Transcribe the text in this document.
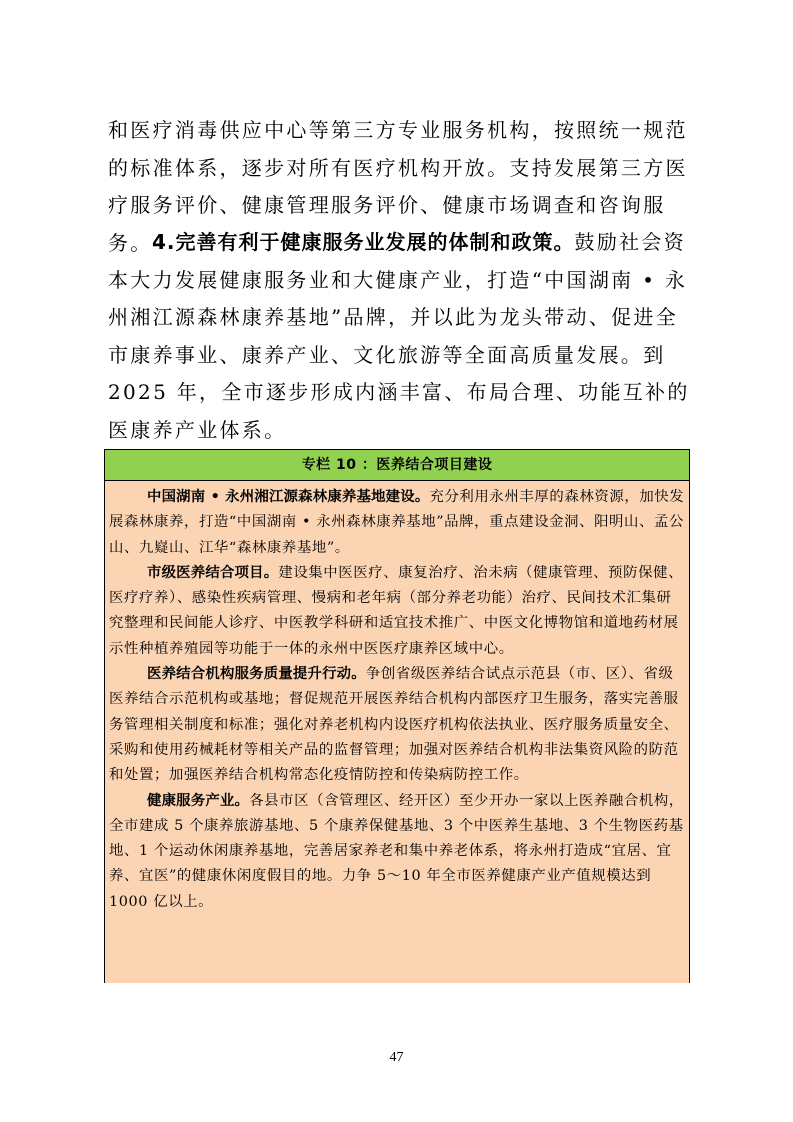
和医疗消毒供应中心等第三方专业服务机构，按照统一规范的标准体系，逐步对所有医疗机构开放。支持发展第三方医疗服务评价、健康管理服务评价、健康市场调查和咨询服务。 4.完善有利于健康服务业发展的体制和政策。鼓励社会资本大力发展健康服务业和大健康产业，打造“中国湖南 • 永州湘江源森林康养基地”品牌，并以此为龙头带动、促进全市康养事业、康养产业、文化旅游等全面高质量发展。到 2025 年，全市逐步形成内涵丰富、布局合理、功能互补的医康养产业体系。

专栏 10 ：医养结合项目建设

中国湖南 • 永州湘江源森林康养基地建设。充分利用永州丰厚的森林资源，加快发展森林康养，打造“中国湖南 • 永州森林康养基地”品牌，重点建设金洞、阳明山、孟公山、九嶷山、江华“森林康养基地”。

市级医养结合项目。建设集中医医疗、康复治疗、治未病（健康管理、预防保健、医疗疗养）、感染性疾病管理、慢病和老年病（部分养老功能）治疗、民间技术汇集研究整理和民间能人诊疗、中医教学科研和适宜技术推广、中医文化博物馆和道地药材展示性种植养殖园等功能于一体的永州中医医疗康养区域中心。

医养结合机构服务质量提升行动。争创省级医养结合试点示范县（市、区）、省级医养结合示范机构或基地；督促规范开展医养结合机构内部医疗卫生服务，落实完善服务管理相关制度和标准；强化对养老机构内设医疗机构依法执业、医疗服务质量安全、采购和使用药械耗材等相关产品的监督管理；加强对医养结合机构非法集资风险的防范和处置；加强医养结合机构常态化疫情防控和传染病防控工作。

健康服务产业。各县市区（含管理区、经开区）至少开办一家以上医养融合机构，全市建成 5 个康养旅游基地、5 个康养保健基地、3 个中医养生基地、3 个生物医药基地、1 个运动休闲康养基地，完善居家养老和集中养老体系，将永州打造成“宜居、宜养、宜医”的健康休闲度假目的地。力争 5～10 年全市医养健康产业产值规模达到 1000 亿以上。

47
